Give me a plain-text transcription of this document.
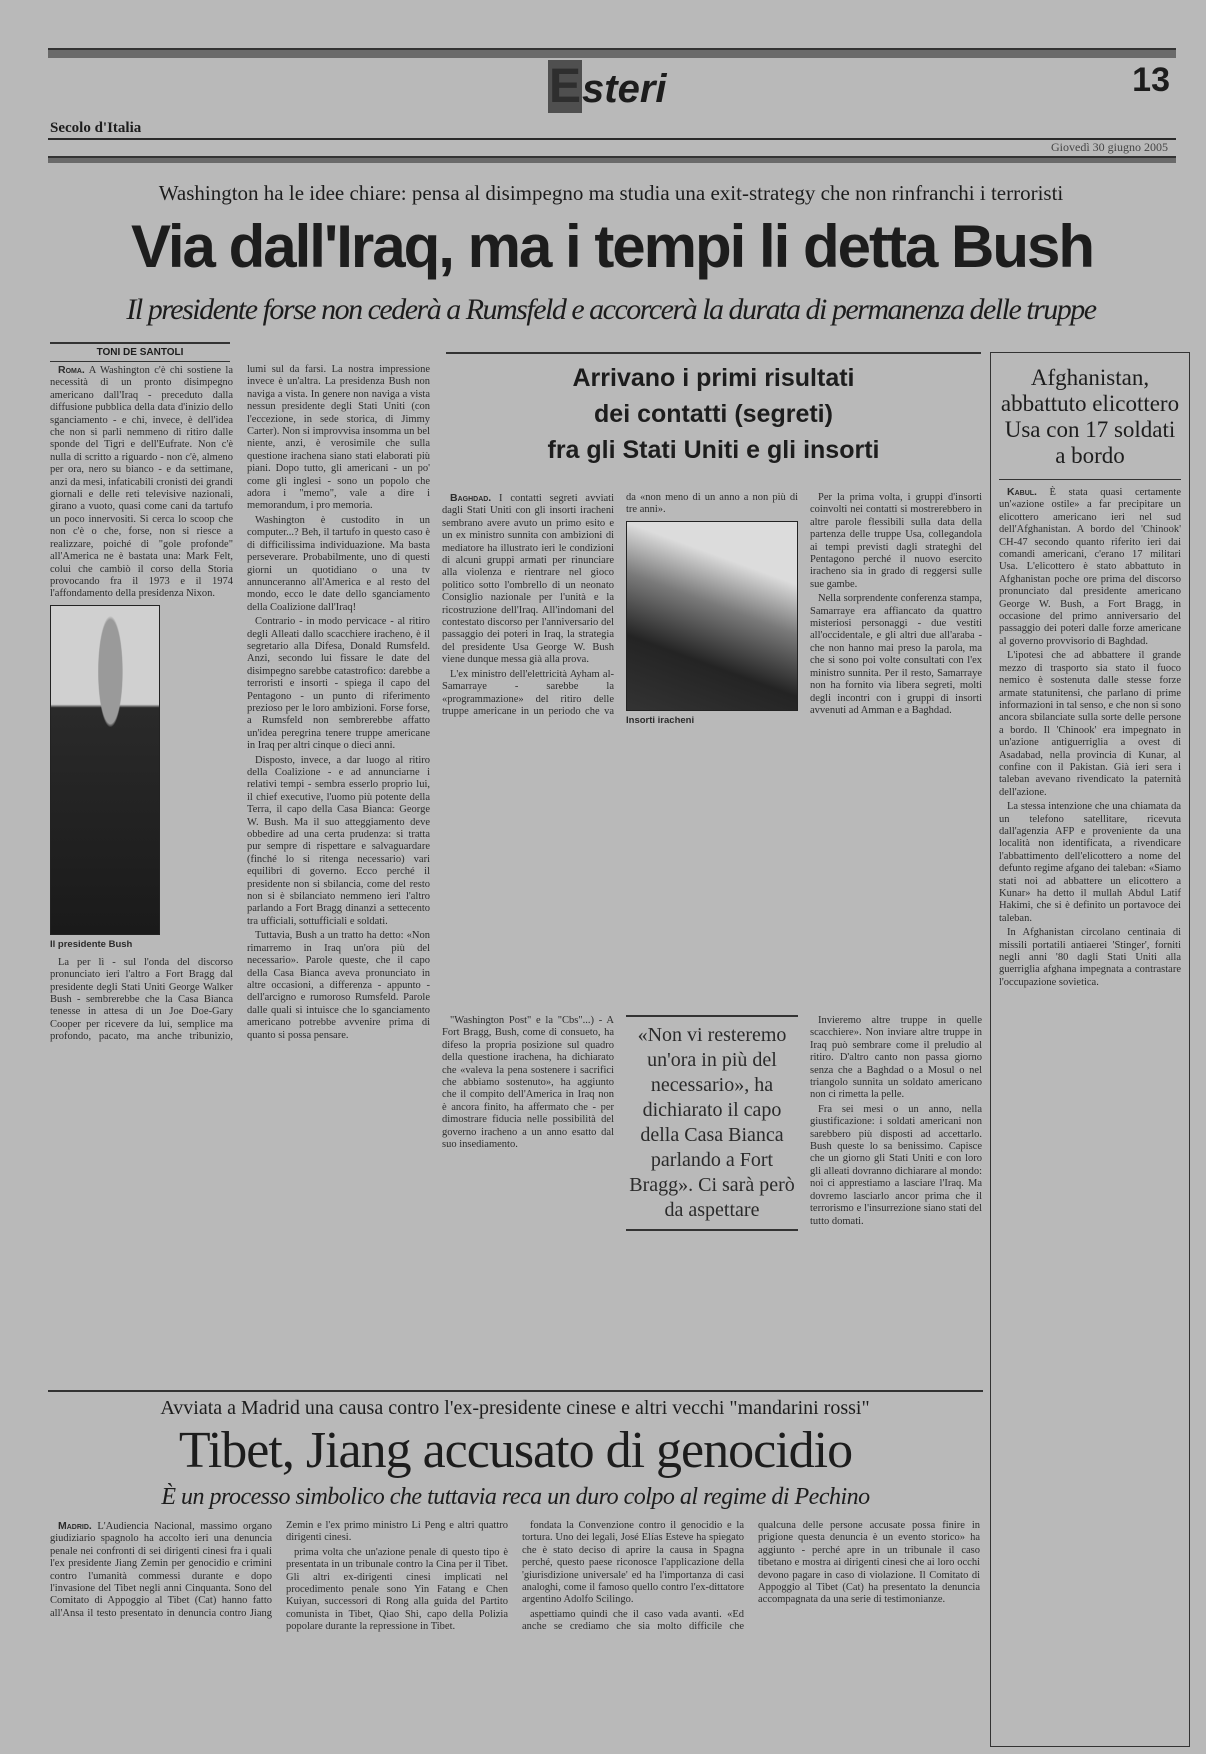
Esteri	13
Secolo d'Italia
Giovedì 30 giugno 2005
Washington ha le idee chiare: pensa al disimpegno ma studia una exit-strategy che non rinfranchi i terroristi
Via dall'Iraq, ma i tempi li detta Bush
Il presidente forse non cederà a Rumsfeld e accorcerà la durata di permanenza delle truppe
TONI DE SANTOLI

Roma. A Washington c'è chi sostiene la necessità di un pronto disimpegno americano dall'Iraq - preceduto dalla diffusione pubblica della data d'inizio dello sganciamento - e chi, invece, è dell'idea che non si parli nemmeno di ritiro dalle sponde del Tigri e dell'Eufrate. Non c'è nulla di scritto a riguardo - non c'è, almeno per ora, nero su bianco - e da settimane, anzi da mesi, infaticabili cronisti dei grandi giornali e delle reti televisive nazionali, girano a vuoto, quasi come cani da tartufo un poco innervositi. Si cerca lo scoop che non c'è o che, forse, non si riesce a realizzare, poiché di "gole profonde" all'America ne è bastata una: Mark Felt, colui che cambiò il corso della Storia provocando fra il 1973 e il 1974 l'affondamento della presidenza Nixon.

Il presidente Bush

La per lì - sul l'onda del discorso pronunciato ieri l'altro a Fort Bragg dal presidente degli Stati Uniti George Walker Bush - sembrerebbe che la Casa Bianca tenesse in attesa di un Joe Doe-Gary Cooper per ricevere da lui, semplice ma profondo, pacato, ma anche tribunizio, lumi sul da farsi. La nostra impressione invece è un'altra. La presidenza Bush non naviga a vista. In genere non naviga a vista nessun presidente degli Stati Uniti (con l'eccezione, in sede storica, di Jimmy Carter). Non si improvvisa insomma un bel niente, anzi, è verosimile che sulla questione irachena siano stati elaborati più piani. Dopo tutto, gli americani - un po' come gli inglesi - sono un popolo che adora i "memo", vale a dire i memorandum, i pro memoria.

Washington è custodito in un computer...? Beh, il tartufo in questo caso è di difficilissima individuazione. Ma basta perseverare. Probabilmente, uno di questi giorni un quotidiano o una tv annunceranno all'America e al resto del mondo, ecco le date dello sganciamento della Coalizione dall'Iraq!

Contrario - in modo pervicace - al ritiro degli Alleati dallo scacchiere iracheno, è il segretario alla Difesa, Donald Rumsfeld. Anzi, secondo lui fissare le date del disimpegno sarebbe catastrofico: darebbe a terroristi e insorti - spiega il capo del Pentagono - un punto di riferimento prezioso per le loro ambizioni. Forse forse, a Rumsfeld non sembrerebbe affatto un'idea peregrina tenere truppe americane in Iraq per altri cinque o dieci anni.

Disposto, invece, a dar luogo al ritiro della Coalizione - e ad annunciarne i relativi tempi - sembra esserlo proprio lui, il chief executive, l'uomo più potente della Terra, il capo della Casa Bianca: George W. Bush. Ma il suo atteggiamento deve obbedire ad una certa prudenza: si tratta pur sempre di rispettare e salvaguardare (finché lo si ritenga necessario) vari equilibri di governo. Ecco perché il presidente non si sbilancia, come del resto non si è sbilanciato nemmeno ieri l'altro parlando a Fort Bragg dinanzi a settecento tra ufficiali, sottufficiali e soldati.

Tuttavia, Bush a un tratto ha detto: «Non rimarremo in Iraq un'ora più del necessario». Parole queste, che il capo della Casa Bianca aveva pronunciato in altre occasioni, a differenza - appunto - dell'arcigno e rumoroso Rumsfeld. Parole dalle quali si intuisce che lo sganciamento americano potrebbe avvenire prima di quanto si possa pensare.

Arrivano i primi risultati
dei contatti (segreti)
fra gli Stati Uniti e gli insorti

Baghdad. I contatti segreti avviati dagli Stati Uniti con gli insorti iracheni sembrano avere avuto un primo esito e un ex ministro sunnita con ambizioni di mediatore ha illustrato ieri le condizioni di alcuni gruppi armati per rinunciare alla violenza e rientrare nel gioco politico sotto l'ombrello di un neonato Consiglio nazionale per l'unità e la ricostruzione dell'Iraq. All'indomani del contestato discorso per l'anniversario del passaggio dei poteri in Iraq, la strategia del presidente Usa George W. Bush viene dunque messa già alla prova.

L'ex ministro dell'elettricità Ayham al-Samarraye - sarebbe la «programmazione» del ritiro delle truppe americane in un periodo che va da «non meno di un anno a non più di tre anni».

Insorti iracheni

Per la prima volta, i gruppi d'insorti coinvolti nei contatti si mostrerebbero in altre parole flessibili sulla data della partenza delle truppe Usa, collegandola ai tempi previsti dagli strateghi del Pentagono perché il nuovo esercito iracheno sia in grado di reggersi sulle sue gambe.

Nella sorprendente conferenza stampa, Samarraye era affiancato da quattro misteriosi personaggi - due vestiti all'occidentale, e gli altri due all'araba - che non hanno mai preso la parola, ma che si sono poi volte consultati con l'ex ministro sunnita. Per il resto, Samarraye non ha fornito via libera segreti, molti degli incontri con i gruppi di insorti avvenuti ad Amman e a Baghdad.

"Washington Post" e la "Cbs"...) - A Fort Bragg, Bush, come di consueto, ha difeso la propria posizione sul quadro della questione irachena, ha dichiarato che «valeva la pena sostenere i sacrifici che abbiamo sostenuto», ha aggiunto che il compito dell'America in Iraq non è ancora finito, ha affermato che - per dimostrare fiducia nelle possibilità del governo iracheno a un anno esatto dal suo insediamento.

«Non vi resteremo un'ora in più del necessario», ha dichiarato il capo della Casa Bianca parlando a Fort Bragg». Ci sarà però da aspettare

Invieremo altre truppe in quelle scacchiere». Non inviare altre truppe in Iraq può sembrare come il preludio al ritiro. D'altro canto non passa giorno senza che a Baghdad o a Mosul o nel triangolo sunnita un soldato americano non ci rimetta la pelle.

Fra sei mesi o un anno, nella giustificazione: i soldati americani non sarebbero più disposti ad accettarlo. Bush queste lo sa benissimo. Capisce che un giorno gli Stati Uniti e con loro gli alleati dovranno dichiarare al mondo: noi ci apprestiamo a lasciare l'Iraq. Ma dovremo lasciarlo ancor prima che il terrorismo e l'insurrezione siano stati del tutto domati.

Afghanistan, abbattuto elicottero Usa con 17 soldati a bordo

Kabul. È stata quasi certamente un'«azione ostile» a far precipitare un elicottero americano ieri nel sud dell'Afghanistan. A bordo del 'Chinook' CH-47 secondo quanto riferito ieri dai comandi americani, c'erano 17 militari Usa. L'elicottero è stato abbattuto in Afghanistan poche ore prima del discorso pronunciato dal presidente americano George W. Bush, a Fort Bragg, in occasione del primo anniversario del passaggio dei poteri dalle forze americane al governo provvisorio di Baghdad.

L'ipotesi che ad abbattere il grande mezzo di trasporto sia stato il fuoco nemico è sostenuta dalle stesse forze armate statunitensi, che parlano di prime informazioni in tal senso, e che non si sono ancora sbilanciate sulla sorte delle persone a bordo. Il 'Chinook' era impegnato in un'azione antiguerriglia a ovest di Asadabad, nella provincia di Kunar, al confine con il Pakistan. Già ieri sera i taleban avevano rivendicato la paternità dell'azione.

La stessa intenzione che una chiamata da un telefono satellitare, ricevuta dall'agenzia AFP e proveniente da una località non identificata, a rivendicare l'abbattimento dell'elicottero a nome del defunto regime afgano dei taleban: «Siamo stati noi ad abbattere un elicottero a Kunar» ha detto il mullah Abdul Latif Hakimi, che si è definito un portavoce dei taleban.

In Afghanistan circolano centinaia di missili portatili antiaerei 'Stinger', forniti negli anni '80 dagli Stati Uniti alla guerriglia afghana impegnata a contrastare l'occupazione sovietica.

Avviata a Madrid una causa contro l'ex-presidente cinese e altri vecchi "mandarini rossi"
Tibet, Jiang accusato di genocidio
È un processo simbolico che tuttavia reca un duro colpo al regime di Pechino

Madrid. L'Audiencia Nacional, massimo organo giudiziario spagnolo ha accolto ieri una denuncia penale nei confronti di sei dirigenti cinesi fra i quali l'ex presidente Jiang Zemin per genocidio e crimini contro l'umanità commessi durante e dopo l'invasione del Tibet negli anni Cinquanta. Sono del Comitato di Appoggio al Tibet (Cat) hanno fatto all'Ansa il testo presentato in denuncia contro Jiang Zemin e l'ex primo ministro Li Peng e altri quattro dirigenti cinesi.

prima volta che un'azione penale di questo tipo è presentata in un tribunale contro la Cina per il Tibet. Gli altri ex-dirigenti cinesi implicati nel procedimento penale sono Yin Fatang e Chen Kuiyan, successori di Rong alla guida del Partito comunista in Tibet, Qiao Shi, capo della Polizia popolare durante la repressione in Tibet.

fondata la Convenzione contro il genocidio e la tortura. Uno dei legali, José Elías Esteve ha spiegato che è stato deciso di aprire la causa in Spagna perché, questo paese riconosce l'applicazione della 'giurisdizione universale' ed ha l'importanza di casi analoghi, come il famoso quello contro l'ex-dittatore argentino Adolfo Scilingo.

aspettiamo quindi che il caso vada avanti. «Ed anche se crediamo che sia molto difficile che qualcuna delle persone accusate possa finire in prigione questa denuncia è un evento storico» ha aggiunto - perché apre in un tribunale il caso tibetano e mostra ai dirigenti cinesi che ai loro occhi devono pagare in caso di violazione. Il Comitato di Appoggio al Tibet (Cat) ha presentato la denuncia accompagnata da una serie di testimonianze.
